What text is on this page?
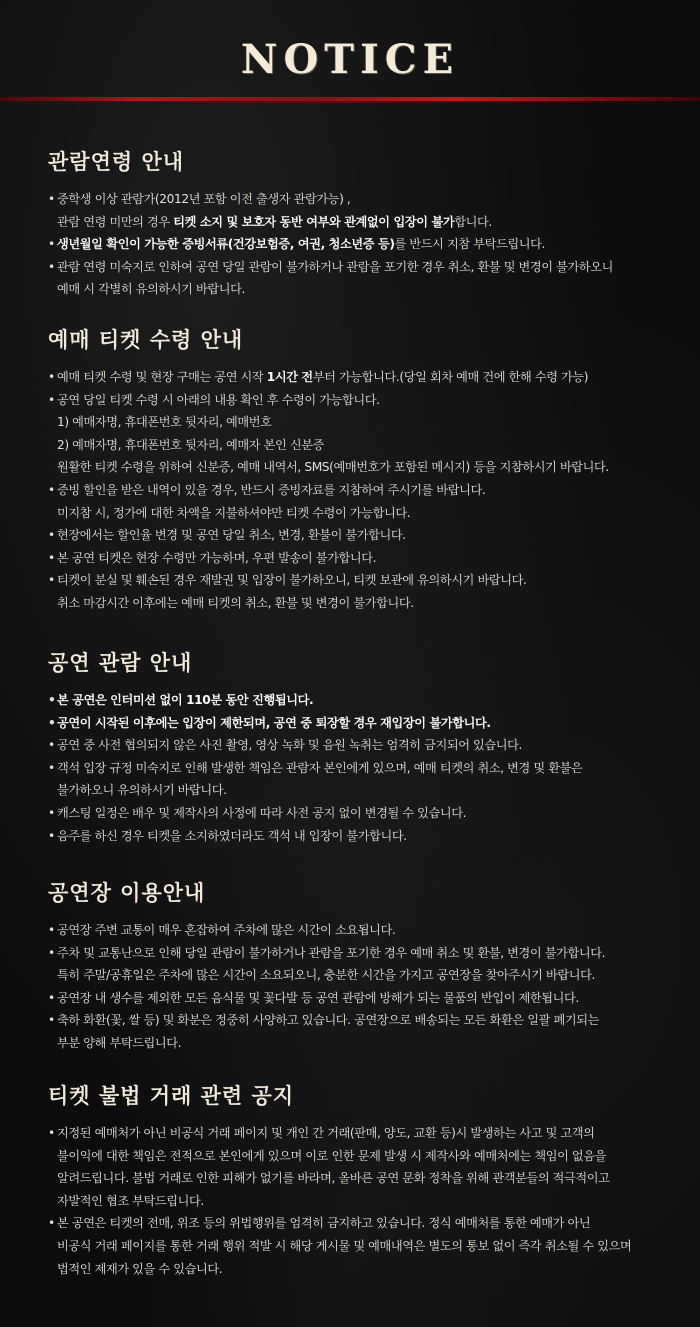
NOTICE
관람연령 안내
• 중학생 이상 관람가(2012년 포함 이전 출생자 관람가능) ,
관람 연령 미만의 경우 티켓 소지 및 보호자 동반 여부와 관계없이 입장이 불가합니다.
• 생년월일 확인이 가능한 증빙서류(건강보험증, 여권, 청소년증 등)를 반드시 지참 부탁드립니다.
• 관람 연령 미숙지로 인하여 공연 당일 관람이 불가하거나 관람을 포기한 경우 취소, 환불 및 변경이 불가하오니
예매 시 각별히 유의하시기 바랍니다.
예매 티켓 수령 안내
• 예매 티켓 수령 및 현장 구매는 공연 시작 1시간 전부터 가능합니다.(당일 회차 예매 건에 한해 수령 가능)
• 공연 당일 티켓 수령 시 아래의 내용 확인 후 수령이 가능합니다.
1) 예매자명, 휴대폰번호 뒷자리, 예매번호
2) 예매자명, 휴대폰번호 뒷자리, 예매자 본인 신분증
원활한 티켓 수령을 위하여 신분증, 예매 내역서, SMS(예매번호가 포함된 메시지) 등을 지참하시기 바랍니다.
• 증빙 할인을 받은 내역이 있을 경우, 반드시 증빙자료를 지참하여 주시기를 바랍니다.
미지참 시, 정가에 대한 차액을 지불하셔야만 티켓 수령이 가능합니다.
• 현장에서는 할인율 변경 및 공연 당일 취소, 변경, 환불이 불가합니다.
• 본 공연 티켓은 현장 수령만 가능하며, 우편 발송이 불가합니다.
• 티켓이 분실 및 훼손된 경우 재발권 및 입장이 불가하오니, 티켓 보관에 유의하시기 바랍니다.
취소 마감시간 이후에는 예매 티켓의 취소, 환불 및 변경이 불가합니다.
공연 관람 안내
• 본 공연은 인터미션 없이 110분 동안 진행됩니다.
• 공연이 시작된 이후에는 입장이 제한되며, 공연 중 퇴장할 경우 재입장이 불가합니다.
• 공연 중 사전 협의되지 않은 사진 촬영, 영상 녹화 및 음원 녹취는 엄격히 금지되어 있습니다.
• 객석 입장 규정 미숙지로 인해 발생한 책임은 관람자 본인에게 있으며, 예매 티켓의 취소, 변경 및 환불은
불가하오니 유의하시기 바랍니다.
• 캐스팅 일정은 배우 및 제작사의 사정에 따라 사전 공지 없이 변경될 수 있습니다.
• 음주를 하신 경우 티켓을 소지하였더라도 객석 내 입장이 불가합니다.
공연장 이용안내
• 공연장 주변 교통이 매우 혼잡하여 주차에 많은 시간이 소요됩니다.
• 주차 및 교통난으로 인해 당일 관람이 불가하거나 관람을 포기한 경우 예매 취소 및 환불, 변경이 불가합니다.
특히 주말/공휴일은 주차에 많은 시간이 소요되오니, 충분한 시간을 가지고 공연장을 찾아주시기 바랍니다.
• 공연장 내 생수를 제외한 모든 음식물 및 꽃다발 등 공연 관람에 방해가 되는 물품의 반입이 제한됩니다.
• 축하 화환(꽃, 쌀 등) 및 화분은 정중히 사양하고 있습니다. 공연장으로 배송되는 모든 화환은 일괄 폐기되는
부분 양해 부탁드립니다.
티켓 불법 거래 관련 공지
• 지정된 예매처가 아닌 비공식 거래 페이지 및 개인 간 거래(판매, 양도, 교환 등)시 발생하는 사고 및 고객의
불이익에 대한 책임은 전적으로 본인에게 있으며 이로 인한 문제 발생 시 제작사와 예매처에는 책임이 없음을
알려드립니다. 불법 거래로 인한 피해가 없기를 바라며, 올바른 공연 문화 정착을 위해 관객분들의 적극적이고
자발적인 협조 부탁드립니다.
• 본 공연은 티켓의 전매, 위조 등의 위법행위를 엄격히 금지하고 있습니다. 정식 예매처를 통한 예매가 아닌
비공식 거래 페이지를 통한 거래 행위 적발 시 해당 게시물 및 예매내역은 별도의 통보 없이 즉각 취소될 수 있으며
법적인 제재가 있을 수 있습니다.
